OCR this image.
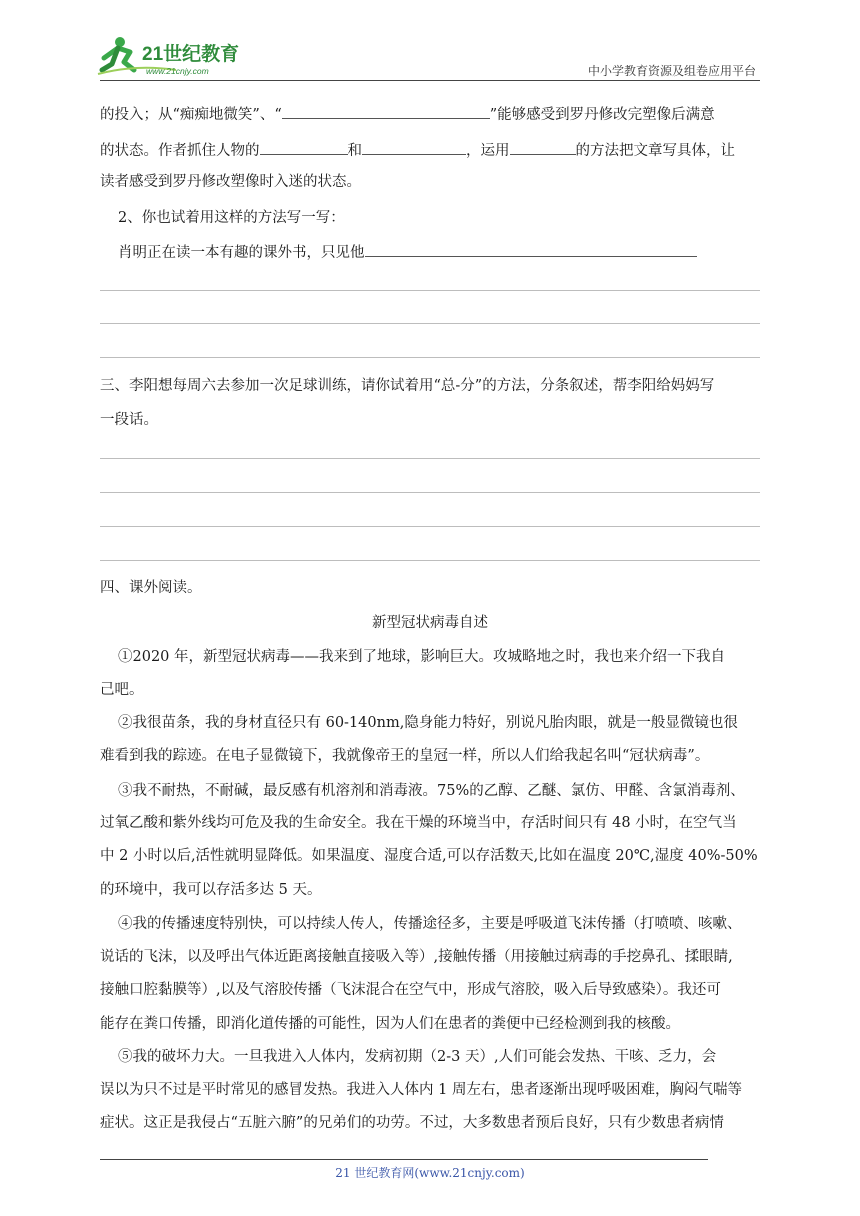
21世纪教育
www.21cnjy.com	中小学教育资源及组卷应用平台
的投入；从“痴痴地微笑”、“	”能够感受到罗丹修改完塑像后满意
的状态。作者抓住人物的	和	，运用	的方法把文章写具体，让
读者感受到罗丹修改塑像时入迷的状态。
2、你也试着用这样的方法写一写：
肖明正在读一本有趣的课外书，只见他
三、李阳想每周六去参加一次足球训练，请你试着用“总-分”的方法，分条叙述，帮李阳给妈妈写
一段话。
四、课外阅读。
新型冠状病毒自述
①2020 年，新型冠状病毒——我来到了地球，影响巨大。攻城略地之时，我也来介绍一下我自
己吧。
②我很苗条，我的身材直径只有 60-140nm,隐身能力特好，别说凡胎肉眼，就是一般显微镜也很
难看到我的踪迹。在电子显微镜下，我就像帝王的皇冠一样，所以人们给我起名叫“冠状病毒”。
③我不耐热，不耐碱，最反感有机溶剂和消毒液。75%的乙醇、乙醚、氯仿、甲醛、含氯消毒剂、
过氧乙酸和紫外线均可危及我的生命安全。我在干燥的环境当中，存活时间只有 48 小时，在空气当
中 2 小时以后,活性就明显降低。如果温度、湿度合适,可以存活数天,比如在温度 20℃,湿度 40%-50%
的环境中，我可以存活多达 5 天。
④我的传播速度特别快，可以持续人传人，传播途径多，主要是呼吸道飞沫传播（打喷喷、咳嗽、
说话的飞沫，以及呼出气体近距离接触直接吸入等）,接触传播（用接触过病毒的手挖鼻孔、揉眼睛,
接触口腔黏膜等）,以及气溶胶传播（飞沫混合在空气中，形成气溶胶，吸入后导致感染）。我还可
能存在粪口传播，即消化道传播的可能性，因为人们在患者的粪便中已经检测到我的核酸。
⑤我的破坏力大。一旦我进入人体内，发病初期（2-3 天）,人们可能会发热、干咳、乏力，会
误以为只不过是平时常见的感冒发热。我进入人体内 1 周左右，患者逐渐出现呼吸困难，胸闷气喘等
症状。这正是我侵占“五脏六腑”的兄弟们的功劳。不过，大多数患者预后良好，只有少数患者病情
21 世纪教育网(www.21cnjy.com)
